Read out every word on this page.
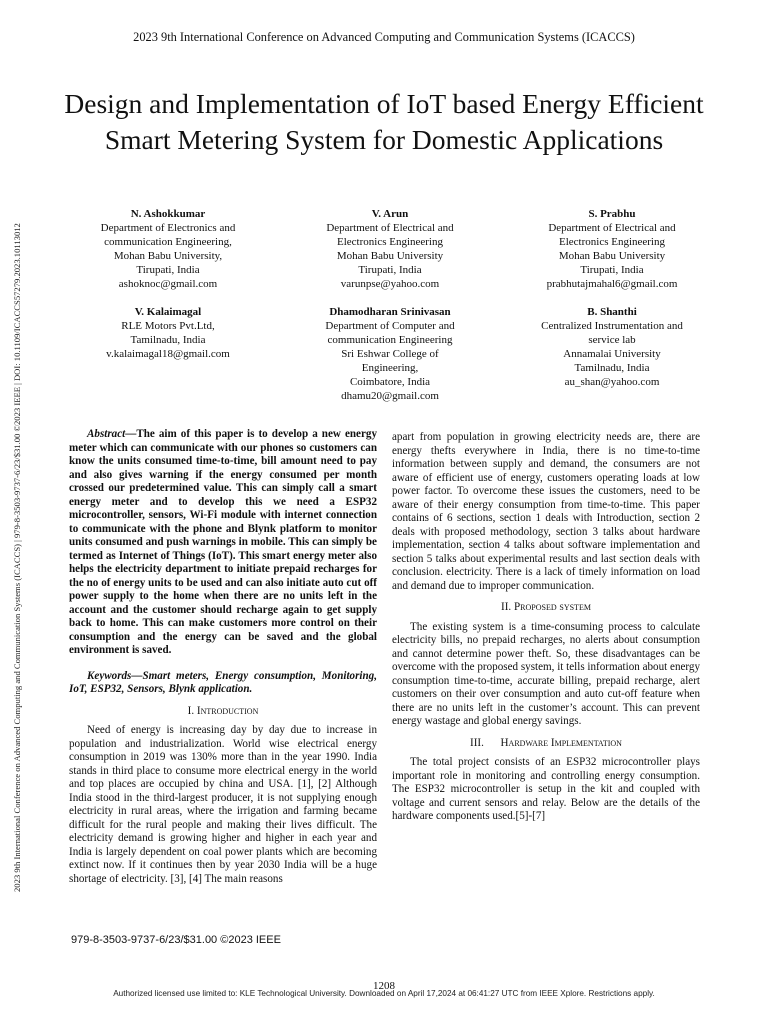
2023 9th International Conference on Advanced Computing and Communication Systems (ICACCS)
Design and Implementation of IoT based Energy Efficient Smart Metering System for Domestic Applications
2023 9th International Conference on Advanced Computing and Communication Systems (ICACCS) | 979-8-3503-9737-6/23/$31.00 ©2023 IEEE | DOI: 10.1109/ICACCS57279.2023.10113012
N. Ashokkumar
Department of Electronics and
communication Engineering,
Mohan Babu University,
Tirupati, India
ashoknoc@gmail.com
V. Arun
Department of Electrical and
Electronics Engineering
Mohan Babu University
Tirupati, India
varunpse@yahoo.com
S. Prabhu
Department of Electrical and
Electronics Engineering
Mohan Babu University
Tirupati, India
prabhutajmahal6@gmail.com
V. Kalaimagal
RLE Motors Pvt.Ltd,
Tamilnadu, India
v.kalaimagal18@gmail.com
Dhamodharan Srinivasan
Department of Computer and
communication Engineering
Sri Eshwar College of
Engineering,
Coimbatore, India
dhamu20@gmail.com
B. Shanthi
Centralized Instrumentation and
service lab
Annamalai University
Tamilnadu, India
au_shan@yahoo.com

Abstract—The aim of this paper is to develop a new energy meter which can communicate with our phones so customers can know the units consumed time-to-time, bill amount need to pay and also gives warning if the energy consumed per month crossed our predetermined value. This can simply call a smart energy meter and to develop this we need a ESP32 microcontroller, sensors, Wi-Fi module with internet connection to communicate with the phone and Blynk platform to monitor units consumed and push warnings in mobile. This can simply be termed as Internet of Things (IoT). This smart energy meter also helps the electricity department to initiate prepaid recharges for the no of energy units to be used and can also initiate auto cut off power supply to the home when there are no units left in the account and the customer should recharge again to get supply back to home. This can make customers more control on their consumption and the energy can be saved and the global environment is saved.

Keywords—Smart meters, Energy consumption, Monitoring, IoT, ESP32, Sensors, Blynk application.

I. Introduction

Need of energy is increasing day by day due to increase in population and industrialization. World wise electrical energy consumption in 2019 was 130% more than in the year 1990. India stands in third place to consume more electrical energy in the world and top places are occupied by china and USA. [1], [2] Although India stood in the third-largest producer, it is not supplying enough electricity in rural areas, where the irrigation and farming became difficult for the rural people and making their lives difficult. The electricity demand is growing higher and higher in each year and India is largely dependent on coal power plants which are becoming extinct now. If it continues then by year 2030 India will be a huge shortage of electricity. [3], [4] The main reasons

apart from population in growing electricity needs are, there are energy thefts everywhere in India, there is no time-to-time information between supply and demand, the consumers are not aware of efficient use of energy, customers operating loads at low power factor. To overcome these issues the customers, need to be aware of their energy consumption from time-to-time. This paper contains of 6 sections, section 1 deals with Introduction, section 2 deals with proposed methodology, section 3 talks about hardware implementation, section 4 talks about software implementation and section 5 talks about experimental results and last section deals with conclusion. electricity. There is a lack of timely information on load and demand due to improper communication.

II. Proposed system

The existing system is a time-consuming process to calculate electricity bills, no prepaid recharges, no alerts about consumption and cannot determine power theft. So, these disadvantages can be overcome with the proposed system, it tells information about energy consumption time-to-time, accurate billing, prepaid recharge, alert customers on their over consumption and auto cut-off feature when there are no units left in the customer’s account. This can prevent energy wastage and global energy savings.

III.      Hardware Implementation

The total project consists of an ESP32 microcontroller plays important role in monitoring and controlling energy consumption. The ESP32 microcontroller is setup in the kit and coupled with voltage and current sensors and relay. Below are the details of the hardware components used.[5]-[7]

979-8-3503-9737-6/23/$31.00 ©2023 IEEE
1208
Authorized licensed use limited to: KLE Technological University. Downloaded on April 17,2024 at 06:41:27 UTC from IEEE Xplore. Restrictions apply.
